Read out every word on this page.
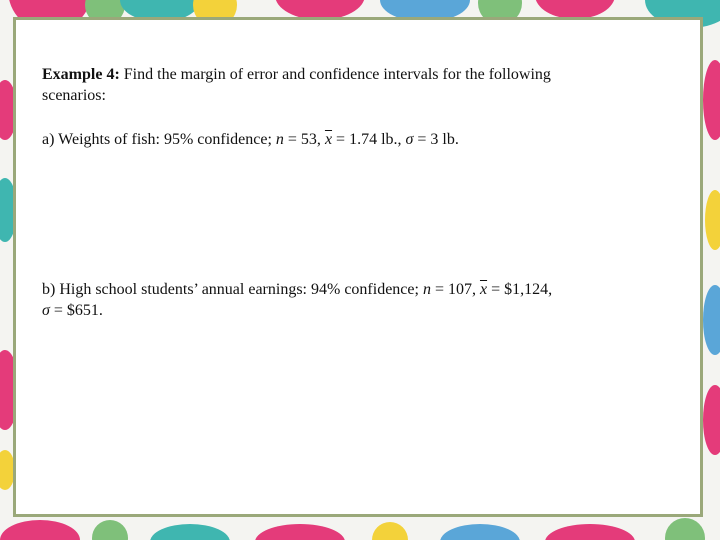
Example 4: Find the margin of error and confidence intervals for the following
scenarios:
a) Weights of fish: 95% confidence; n = 53, $\overline{x} = 1.74$ lb., σ = 3 lb.
b) High school students’ annual earnings: 94% confidence; n = 107, $\overline{x}$ = $1,124,
σ = $651.
